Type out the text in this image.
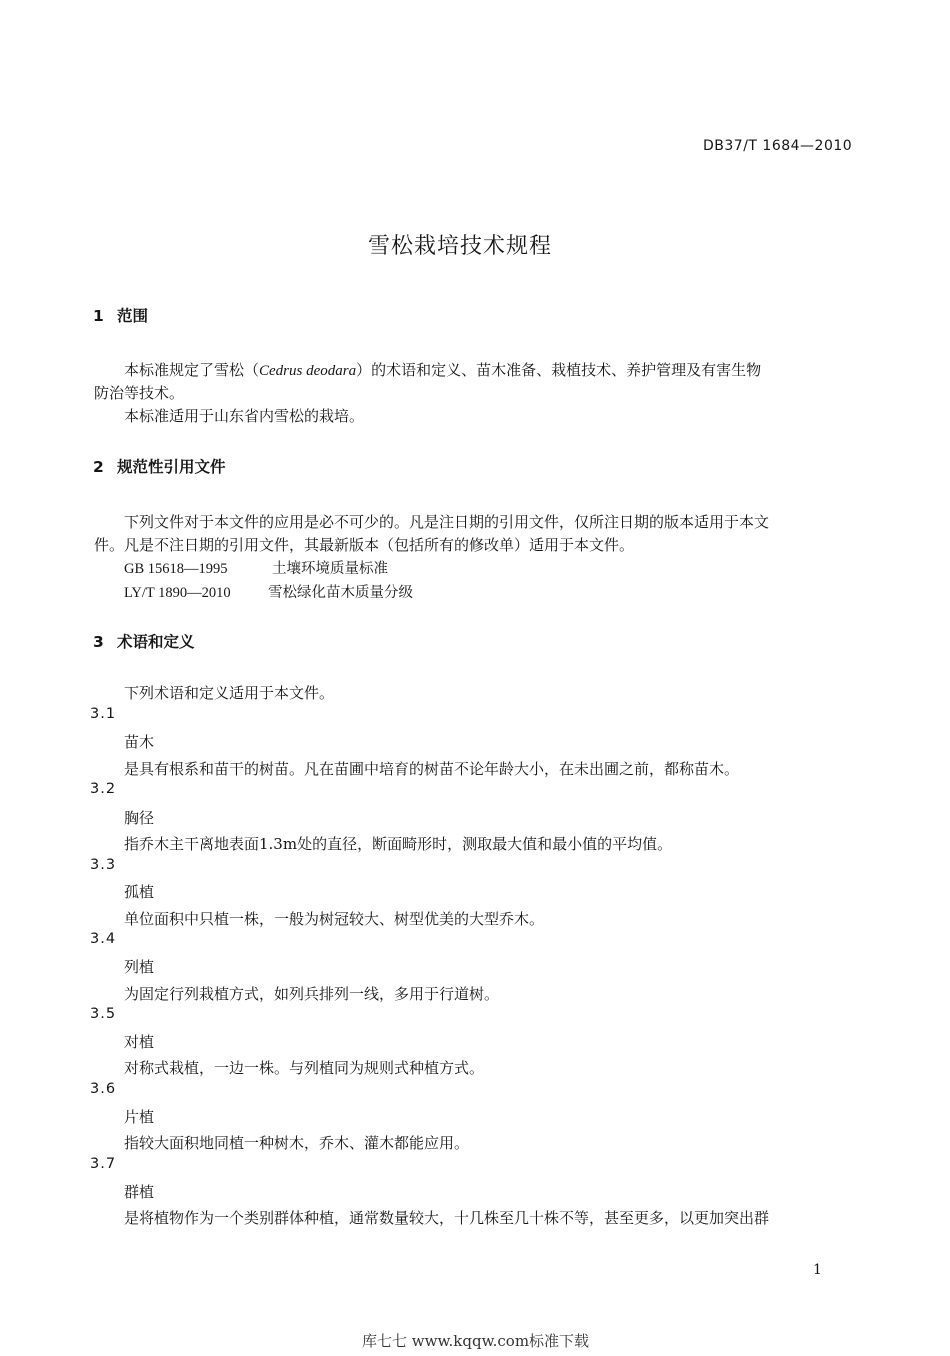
DB37/T 1684—2010
雪松栽培技术规程
1 范围
本标准规定了雪松（Cedrus deodara）的术语和定义、苗木准备、栽植技术、养护管理及有害生物
防治等技术。
本标准适用于山东省内雪松的栽培。
2 规范性引用文件
下列文件对于本文件的应用是必不可少的。凡是注日期的引用文件，仅所注日期的版本适用于本文
件。凡是不注日期的引用文件，其最新版本（包括所有的修改单）适用于本文件。
GB 15618—1995	土壤环境质量标准
LY/T 1890—2010	雪松绿化苗木质量分级
3 术语和定义
下列术语和定义适用于本文件。
3.1
苗木
是具有根系和苗干的树苗。凡在苗圃中培育的树苗不论年龄大小，在未出圃之前，都称苗木。
3.2
胸径
指乔木主干离地表面1.3m处的直径，断面畸形时，测取最大值和最小值的平均值。
3.3
孤植
单位面积中只植一株，一般为树冠较大、树型优美的大型乔木。
3.4
列植
为固定行列栽植方式，如列兵排列一线，多用于行道树。
3.5
对植
对称式栽植，一边一株。与列植同为规则式种植方式。
3.6
片植
指较大面积地同植一种树木，乔木、灌木都能应用。
3.7
群植
是将植物作为一个类别群体种植，通常数量较大，十几株至几十株不等，甚至更多，以更加突出群
1
库七七 www.kqqw.com标准下载
